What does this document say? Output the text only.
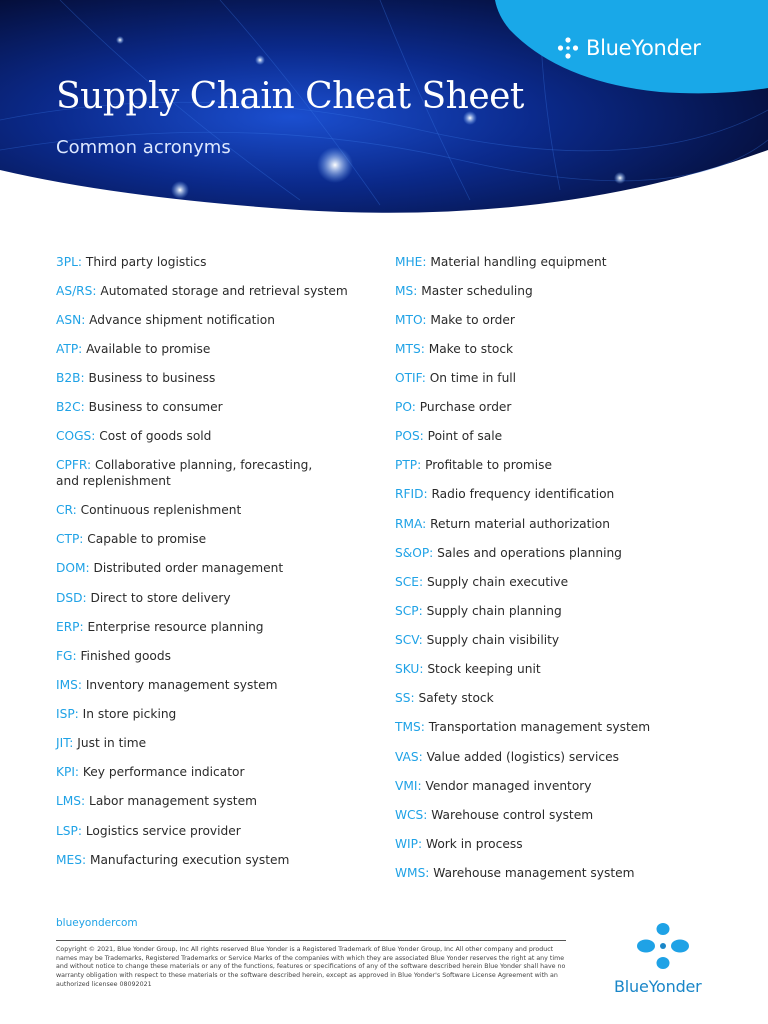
Supply Chain Cheat Sheet

Common acronyms

BlueYonder

3PL: Third party logistics

AS/RS: Automated storage and retrieval system

ASN: Advance shipment notification

ATP: Available to promise

B2B: Business to business

B2C: Business to consumer

COGS: Cost of goods sold

CPFR: Collaborative planning, forecasting,
and replenishment

CR: Continuous replenishment

CTP: Capable to promise

DOM: Distributed order management

DSD: Direct to store delivery

ERP: Enterprise resource planning

FG: Finished goods

IMS: Inventory management system

ISP: In store picking

JIT: Just in time

KPI: Key performance indicator

LMS: Labor management system

LSP: Logistics service provider

MES: Manufacturing execution system

MHE: Material handling equipment

MS: Master scheduling

MTO: Make to order

MTS: Make to stock

OTIF: On time in full

PO: Purchase order

POS: Point of sale

PTP: Profitable to promise

RFID: Radio frequency identification

RMA: Return material authorization

S&OP: Sales and operations planning

SCE: Supply chain executive

SCP: Supply chain planning

SCV: Supply chain visibility

SKU: Stock keeping unit

SS: Safety stock

TMS: Transportation management system

VAS: Value added (logistics) services

VMI: Vendor managed inventory

WCS: Warehouse control system

WIP: Work in process

WMS: Warehouse management system

blueyondercom
Copyright © 2021, Blue Yonder Group, Inc All rights reserved Blue Yonder is a Registered Trademark of Blue Yonder Group, Inc All other company and product names may be Trademarks, Registered Trademarks or Service Marks of the companies with which they are associated Blue Yonder reserves the right at any time and without notice to change these materials or any of the functions, features or specifications of any of the software described herein Blue Yonder shall have no warranty obligation with respect to these materials or the software described herein, except as approved in Blue Yonder's Software License Agreement with an authorized licensee 08092021	BlueYonder
